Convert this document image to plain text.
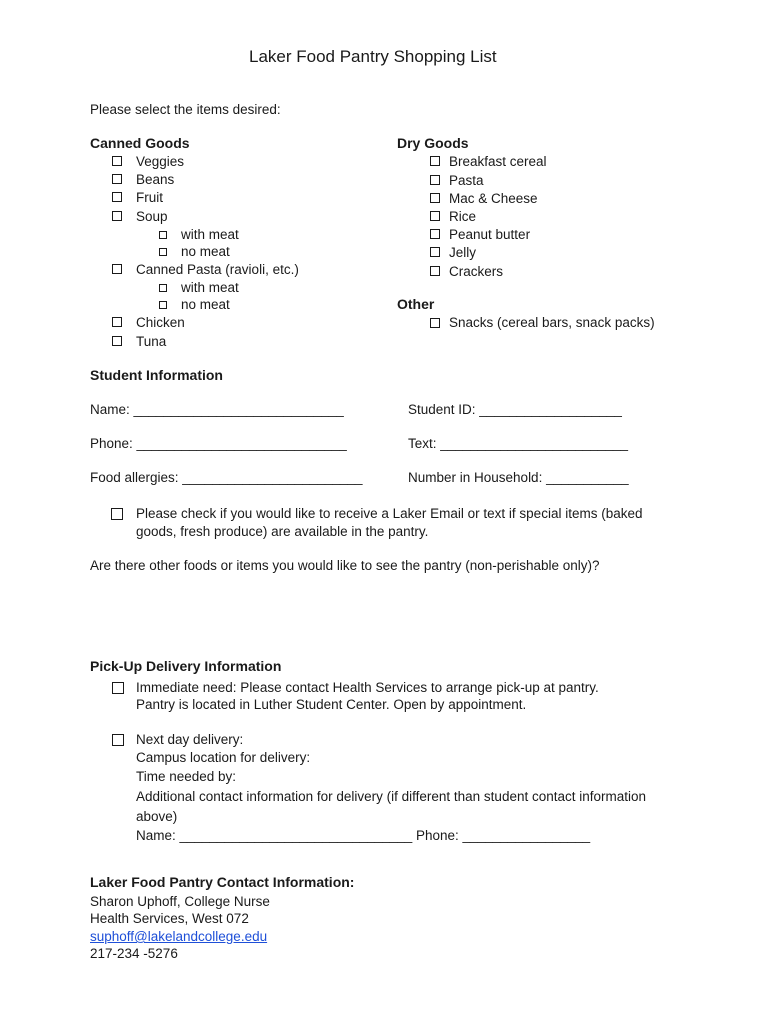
Laker Food Pantry Shopping List
Please select the items desired:
Canned Goods
Veggies
Beans
Fruit
Soup
with meat
no meat
Canned Pasta (ravioli, etc.)
with meat
no meat
Chicken
Tuna
Dry Goods
Breakfast cereal
Pasta
Mac & Cheese
Rice
Peanut butter
Jelly
Crackers
Other
Snacks (cereal bars, snack packs)
Student Information
Name: ____________________________	Student ID: ___________________
Phone: ____________________________	Text: _________________________
Food allergies: ________________________	Number in Household: ___________
Please check if you would like to receive a Laker Email or text if special items (baked
goods, fresh produce) are available in the pantry.
Are there other foods or items you would like to see the pantry (non-perishable only)?
Pick-Up Delivery Information
Immediate need: Please contact Health Services to arrange pick-up at pantry.
Pantry is located in Luther Student Center. Open by appointment.
Next day delivery:
Campus location for delivery:
Time needed by:
Additional contact information for delivery (if different than student contact information
above)
Name: _______________________________ Phone: _________________
Laker Food Pantry Contact Information:
Sharon Uphoff, College Nurse
Health Services, West 072
suphoff@lakelandcollege.edu
217-234 -5276
